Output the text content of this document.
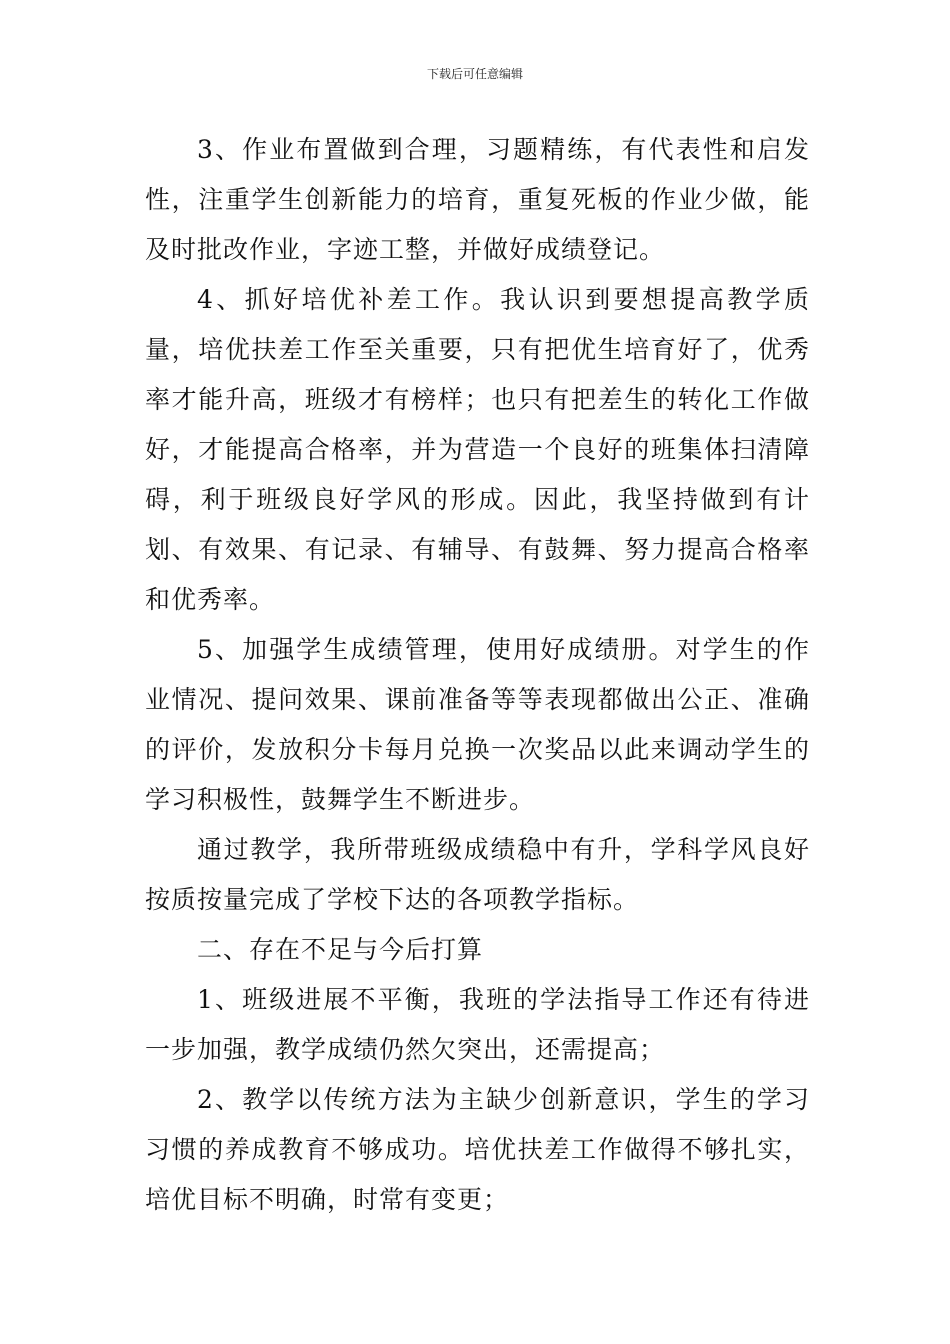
下载后可任意编辑

3、作业布置做到合理，习题精练，有代表性和启发性，注重学生创新能力的培育，重复死板的作业少做，能及时批改作业，字迹工整，并做好成绩登记。

4、抓好培优补差工作。我认识到要想提高教学质量，培优扶差工作至关重要，只有把优生培育好了，优秀率才能升高，班级才有榜样；也只有把差生的转化工作做好，才能提高合格率，并为营造一个良好的班集体扫清障碍，利于班级良好学风的形成。因此，我坚持做到有计划、有效果、有记录、有辅导、有鼓舞、努力提高合格率和优秀率。

5、加强学生成绩管理，使用好成绩册。对学生的作业情况、提问效果、课前准备等等表现都做出公正、准确的评价，发放积分卡每月兑换一次奖品以此来调动学生的学习积极性，鼓舞学生不断进步。

通过教学，我所带班级成绩稳中有升，学科学风良好按质按量完成了学校下达的各项教学指标。

二、存在不足与今后打算

1、班级进展不平衡，我班的学法指导工作还有待进一步加强，教学成绩仍然欠突出，还需提高；

2、教学以传统方法为主缺少创新意识，学生的学习习惯的养成教育不够成功。培优扶差工作做得不够扎实，培优目标不明确，时常有变更；
